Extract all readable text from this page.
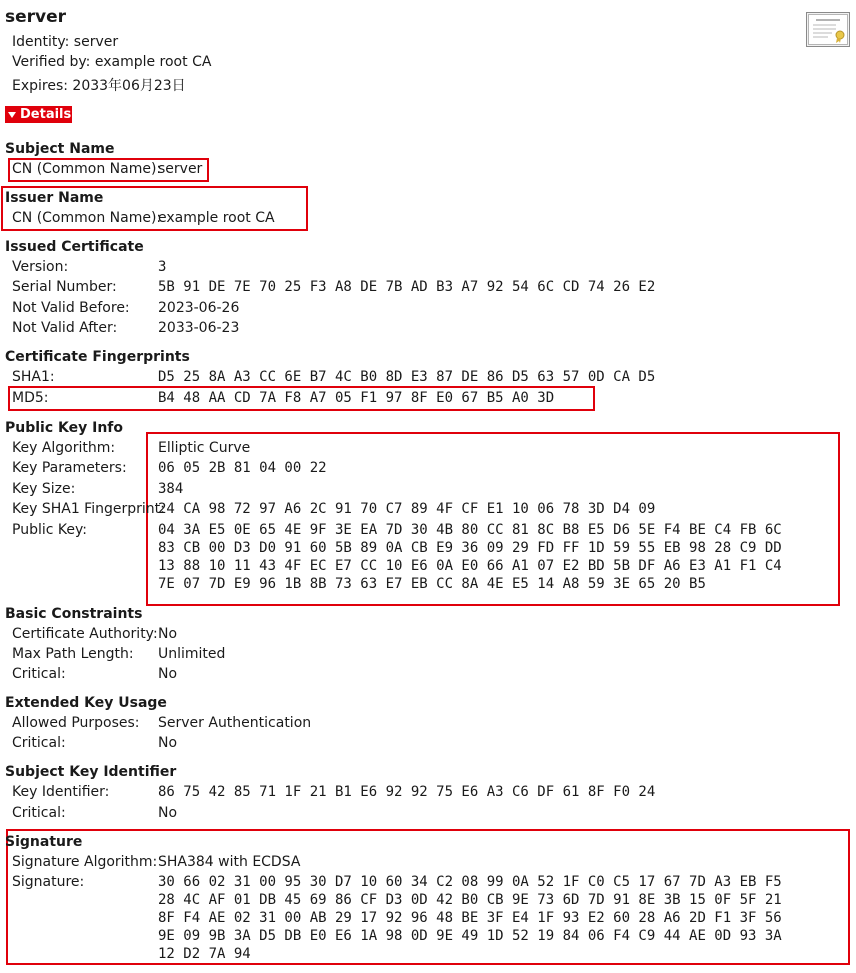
server
Identity: server
Verified by: example root CA
Expires: 2033年06月23日
Details
Subject Name
CN (Common Name):
server
Issuer Name
CN (Common Name):
example root CA
Issued Certificate
Version:	3
Serial Number:	5B 91 DE 7E 70 25 F3 A8 DE 7B AD B3 A7 92 54 6C CD 74 26 E2
Not Valid Before: 2023-06-26
Not Valid After:	2033-06-23
Certificate Fingerprints
SHA1:	D5 25 8A A3 CC 6E B7 4C B0 8D E3 87 DE 86 D5 63 57 0D CA D5
MD5:	B4 48 AA CD 7A F8 A7 05 F1 97 8F E0 67 B5 A0 3D
Public Key Info
Key Algorithm:	Elliptic Curve
Key Parameters: 06 05 2B 81 04 00 22
Key Size:	384
Key SHA1 Fingerprint:
24 CA 98 72 97 A6 2C 91 70 C7 89 4F CF E1 10 06 78 3D D4 09
Public Key:	04 3A E5 0E 65 4E 9F 3E EA 7D 30 4B 80 CC 81 8C B8 E5 D6 5E F4 BE C4 FB 6C
83 CB 00 D3 D0 91 60 5B 89 0A CB E9 36 09 29 FD FF 1D 59 55 EB 98 28 C9 DD
13 88 10 11 43 4F EC E7 CC 10 E6 0A E0 66 A1 07 E2 BD 5B DF A6 E3 A1 F1 C4
7E 07 7D E9 96 1B 8B 73 63 E7 EB CC 8A 4E E5 14 A8 59 3E 65 20 B5
Basic Constraints
Certificate Authority: No
Max Path Length: Unlimited
Critical:	No
Extended Key Usage
Allowed Purposes: Server Authentication
Critical:	No
Subject Key Identifier
Key Identifier:	86 75 42 85 71 1F 21 B1 E6 92 92 75 E6 A3 C6 DF 61 8F F0 24
Critical:	No
Signature
Signature Algorithm: SHA384 with ECDSA
Signature:	30 66 02 31 00 95 30 D7 10 60 34 C2 08 99 0A 52 1F C0 C5 17 67 7D A3 EB F5
28 4C AF 01 DB 45 69 86 CF D3 0D 42 B0 CB 9E 73 6D 7D 91 8E 3B 15 0F 5F 21
8F F4 AE 02 31 00 AB 29 17 92 96 48 BE 3F E4 1F 93 E2 60 28 A6 2D F1 3F 56
9E 09 9B 3A D5 DB E0 E6 1A 98 0D 9E 49 1D 52 19 84 06 F4 C9 44 AE 0D 93 3A
12 D2 7A 94
